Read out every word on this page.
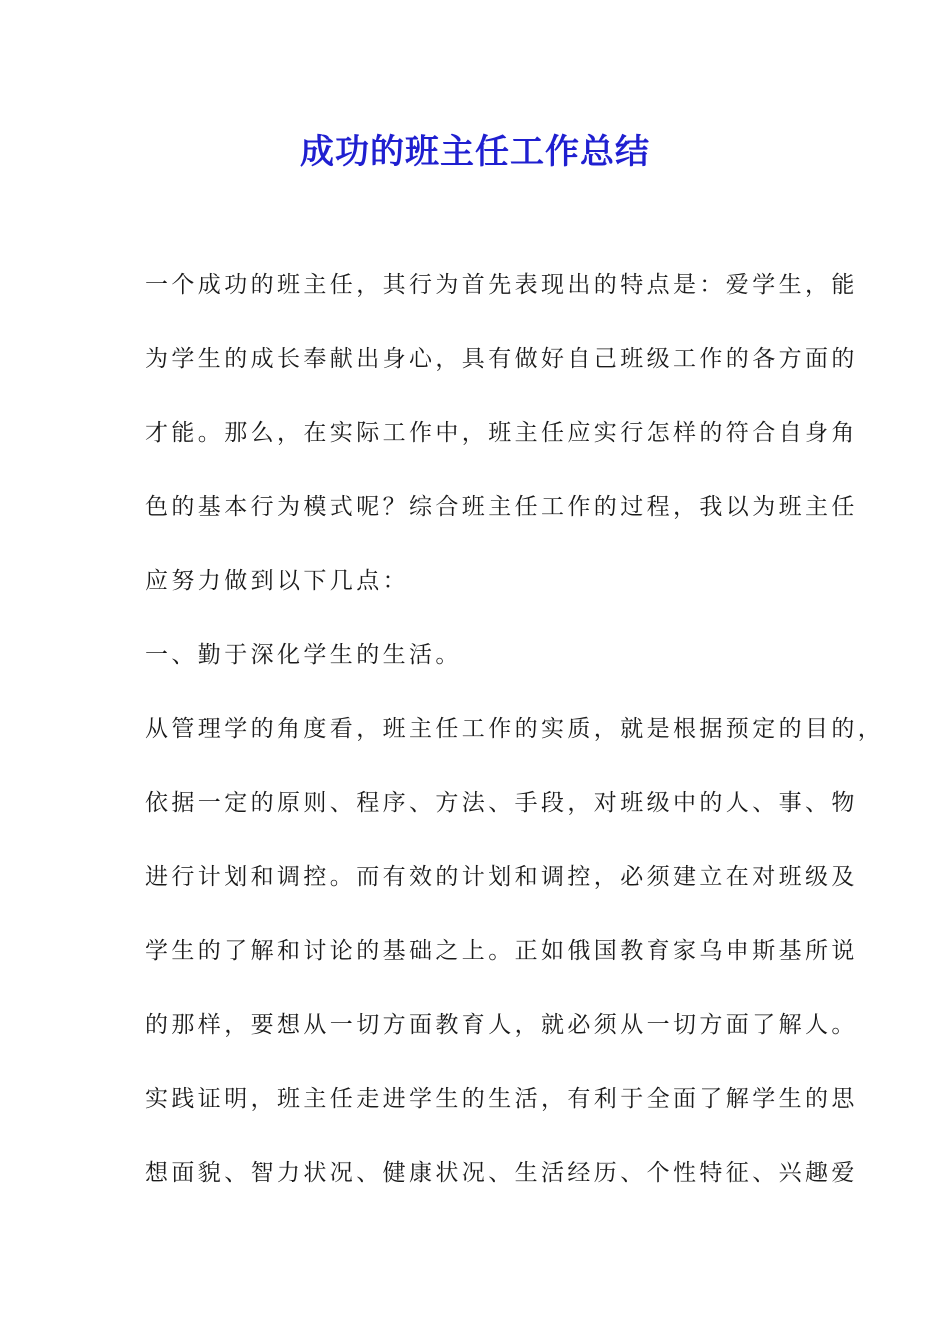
成功的班主任工作总结
一个成功的班主任，其行为首先表现出的特点是：爱学生，能
为学生的成长奉献出身心，具有做好自己班级工作的各方面的
才能。那么，在实际工作中，班主任应实行怎样的符合自身角
色的基本行为模式呢？综合班主任工作的过程，我以为班主任
应努力做到以下几点：
一、勤于深化学生的生活。
从管理学的角度看，班主任工作的实质，就是根据预定的目的，
依据一定的原则、程序、方法、手段，对班级中的人、事、物
进行计划和调控。而有效的计划和调控，必须建立在对班级及
学生的了解和讨论的基础之上。正如俄国教育家乌申斯基所说
的那样，要想从一切方面教育人，就必须从一切方面了解人。
实践证明，班主任走进学生的生活，有利于全面了解学生的思
想面貌、智力状况、健康状况、生活经历、个性特征、兴趣爱
